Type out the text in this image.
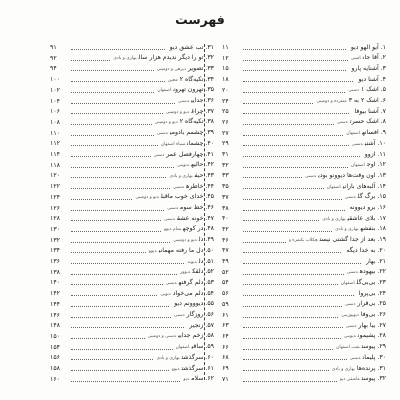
فهرست
۱. آیو الهو دیو
۱۱
۲. آقا جانامینی
۱۲
۳. آشنایه پارو
۱۵
۴. آشنا دیو
۱۸
۵. اشک ۱دسنی
۲۰
۶. اشک ۲ به ۳متفرده و دومینی
۲۴
۷. آشنا بیوفا
۲۵
۸. اشک حسرتدسنی
۲۶
۹. افسانهاصفهان
۲۷
۱۰. آشتیدسنی
۲۹
۱۱. ازوو
۳۱
۱۲. اوجاصفهان
۳۲
۱۳. اون وقت‌ها دیوونو بودیدسنی
۳۳
۱۴. آلبه‌های بارانیاصفهان
۳۵
۱۵. برگ گلدسنی
۳۷
۱۶. برو دیوونه
۳۸
۱۷. بلای عاشقیبهاری و بادی
۴۰
۱۸. بنفشهبهاری و بادی
۴۲
۱۹. بعد از جدا گشتی نیستچکلاب یکنفره و
۴۶
۲۰. به خدا دیگه
۴۷
۲۱. بهار
۴۹
۲۲. بیهودهدسنی
۵۲
۲۳. بی‌بی‌گلاصفهان
۵۴
۲۴. بی‌پروا
۵۶
۲۵. بی‌قراردسنی
۵۹
۲۶. بی‌وفادیویوزینی
۶۱
۲۷. بیا بهاردسنی
۶۳
۲۸. پشیموندیوبنی
۶۴
۲۹. پیوستشب اصفهان
۶۶
۳۰. پلیماندسنی
۶۸
۳۱. پرنده‌هابهاری و بادی
۶۹
۳۲. پیوستعاشقی دیو
۷۱
۳۱. تب عشق دیو
۹۱
۳۲. تو را دیگر ندیدم هزار سالبهاری و بادی
۹۲
۳۳. تصویردیرهی و دومینی
۹۴
۳۴. تکیه‌گاه ۲مجین
۱۰۰
۳۵. تهرون تهروناصفهان
۱۰۲
۳۶. جداییدسنی
۱۰۴
۳۷. چراغدیو و دومینی
۱۰۶
۳۸. تکیه‌گاه ۲دیو و دومینی
۱۰۸
۳۹. چشمم بادومیدسنی
۱۱۰
۴۰. چشمانسیاه اصفهان
۱۱۲
۴۱. چهارفصل عمردسنی
۱۱۴
۴۲. حالیهدیوینی
۱۱۸
۴۳. حیفبهاری و بادی
۱۲۰
۴۴. خاطرهدسنی
۱۲۲
۴۵. خدای خوب ماقبلدیو و دومینی
۱۲۴
۴۶. خط سومدسنی
۱۲۶
۴۷. خونه عشقدسنی
۱۲۸
۴۸. در کوچهشام دیوو
۱۳۰
۴۹. دلدیو و دومینی
۱۳۲
۵۰. دل ما رفته مهمانیدیوو
۱۳۴
۵۱. دلدیونه
۱۳۶
۵۲. دلقکدیوور
۱۳۸
۵۳. دلم گرفتهدسنی
۱۴۰
۵۴. دلم می‌خواددیویی
۱۴۲
۵۵. دیووونم دیو
۱۴۴
۵۶. روزگاردسنی
۱۴۶
۵۷. زنجیر
۱۴۸
۵۸. زخم جداییدسنی و دومینی
۱۵۰
۵۹. ساقیاصفهان
۱۵۴
۶۰. سرگذشتبهاری و بادی
۱۵۶
۶۱. سرگذشتدیوو
۱۵۸
۶۲. سلامدیو
۱۶۰
